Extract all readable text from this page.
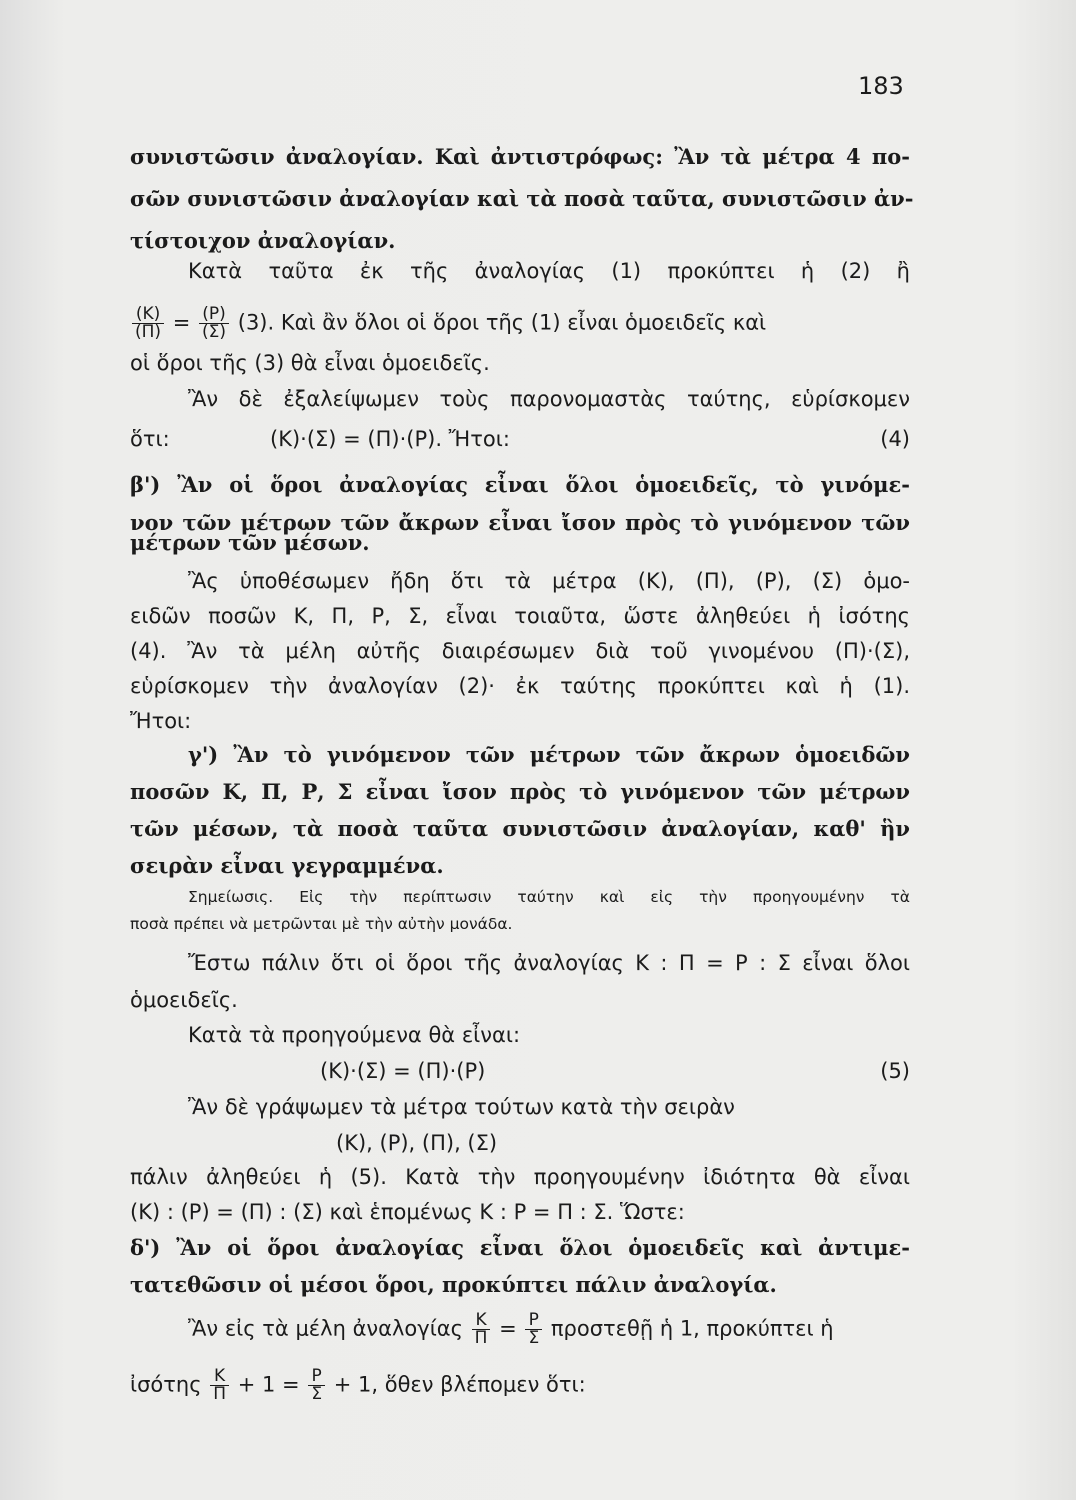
183
συνιστῶσιν ἀναλογίαν. Καὶ ἀντιστρόφως: Ἂν τὰ μέτρα 4 πο-
σῶν συνιστῶσιν ἀναλογίαν καὶ τὰ ποσὰ ταῦτα, συνιστῶσιν ἀν-
τίστοιχον ἀναλογίαν.
Κατὰ ταῦτα ἐκ τῆς ἀναλογίας (1) προκύπτει ἡ (2) ἢ
$\frac{(K)}{(\Pi)} = \frac{(P)}{(\Sigma)} (3)$. Καὶ ἂν ὅλοι οἱ ὅροι τῆς (1) εἶναι ὁμοειδεῖς καὶ
οἱ ὅροι τῆς (3) θὰ εἶναι ὁμοειδεῖς.
Ἂν δὲ ἐξαλείψωμεν τοὺς παρονομαστὰς ταύτης, εὑρίσκομεν
ὅτι:	(Κ)·(Σ) = (Π)·(Ρ). Ἤτοι:	(4)
β') Ἂν οἱ ὅροι ἀναλογίας εἶναι ὅλοι ὁμοειδεῖς, τὸ γινόμε-
νον τῶν μέτρων τῶν ἄκρων εἶναι ἴσον πρὸς τὸ γινόμενον τῶν
μέτρων τῶν μέσων.
Ἂς ὑποθέσωμεν ἤδη ὅτι τὰ μέτρα (Κ), (Π), (Ρ), (Σ) ὁμο-
ειδῶν ποσῶν Κ, Π, Ρ, Σ, εἶναι τοιαῦτα, ὥστε ἀληθεύει ἡ ἰσότης
(4). Ἂν τὰ μέλη αὐτῆς διαιρέσωμεν διὰ τοῦ γινομένου (Π)·(Σ),
εὑρίσκομεν τὴν ἀναλογίαν (2)· ἐκ ταύτης προκύπτει καὶ ἡ (1).
Ἤτοι:
γ') Ἂν τὸ γινόμενον τῶν μέτρων τῶν ἄκρων ὁμοειδῶν
ποσῶν Κ, Π, Ρ, Σ εἶναι ἴσον πρὸς τὸ γινόμενον τῶν μέτρων
τῶν μέσων, τὰ ποσὰ ταῦτα συνιστῶσιν ἀναλογίαν, καθ' ἣν
σειρὰν εἶναι γεγραμμένα.
Σημείωσις. Εἰς τὴν περίπτωσιν ταύτην καὶ εἰς τὴν προηγουμένην τὰ
ποσὰ πρέπει νὰ μετρῶνται μὲ τὴν αὐτὴν μονάδα.
Ἔστω πάλιν ὅτι οἱ ὅροι τῆς ἀναλογίας Κ : Π = Ρ : Σ εἶναι ὅλοι
ὁμοειδεῖς.
Κατὰ τὰ προηγούμενα θὰ εἶναι:
(Κ)·(Σ) = (Π)·(Ρ)	(5)
Ἂν δὲ γράψωμεν τὰ μέτρα τούτων κατὰ τὴν σειρὰν
(Κ), (Ρ), (Π), (Σ)
πάλιν ἀληθεύει ἡ (5). Κατὰ τὴν προηγουμένην ἰδιότητα θὰ εἶναι
(Κ) : (Ρ) = (Π) : (Σ) καὶ ἑπομένως Κ : Ρ = Π : Σ. Ὥστε:
δ') Ἂν οἱ ὅροι ἀναλογίας εἶναι ὅλοι ὁμοειδεῖς καὶ ἀντιμε-
τατεθῶσιν οἱ μέσοι ὅροι, προκύπτει πάλιν ἀναλογία.
Ἂν εἰς τὰ μέλη ἀναλογίας $\frac{K}{\Pi} = \frac{P}{\Sigma}$ προστεθῇ ἡ 1, προκύπτει ἡ
ἰσότης $\frac{K}{\Pi} + 1 = \frac{P}{\Sigma} + 1$, ὅθεν βλέπομεν ὅτι:
